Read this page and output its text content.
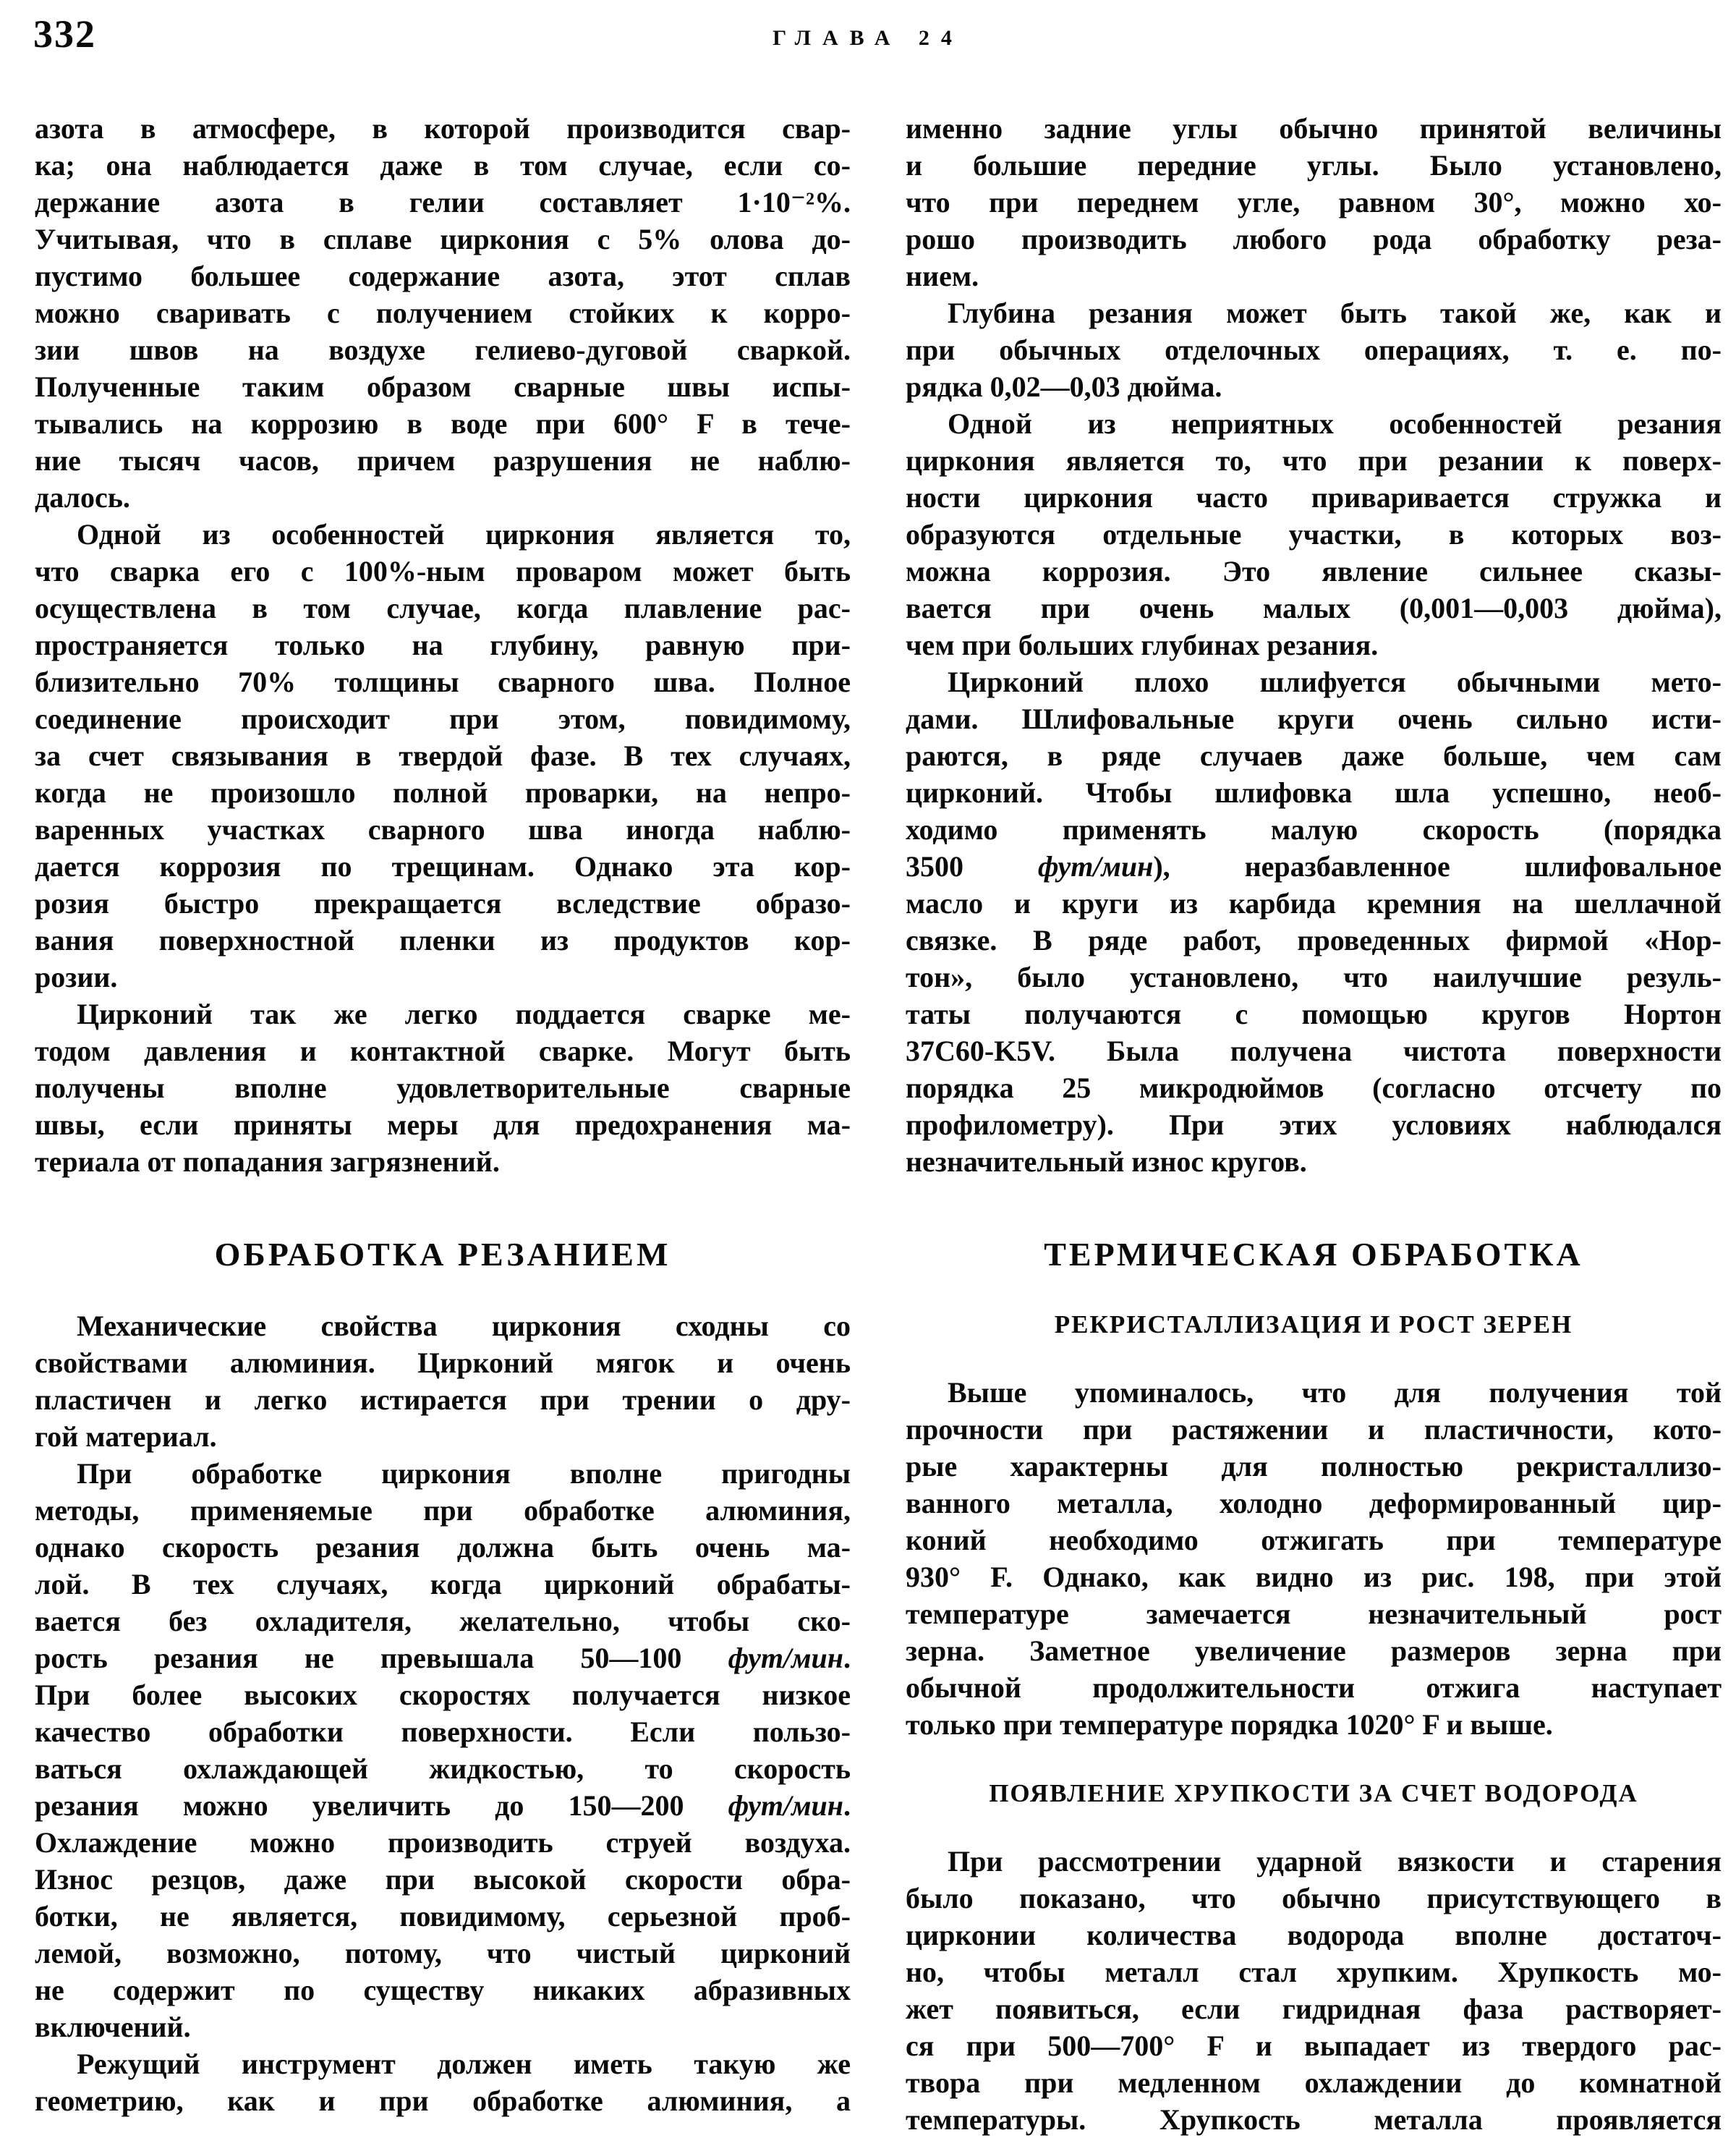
332	ГЛАВА 24

азота в атмосфере, в которой производится свар-
ка; она наблюдается даже в том случае, если со-
держание азота в гелии составляет 1·10⁻²%.
Учитывая, что в сплаве циркония с 5% олова до-
пустимо большее содержание азота, этот сплав
можно сваривать с получением стойких к корро-
зии швов на воздухе гелиево-дуговой сваркой.
Полученные таким образом сварные швы испы-
тывались на коррозию в воде при 600° F в тече-
ние тысяч часов, причем разрушения не наблю-
далось.

Одной из особенностей циркония является то,
что сварка его с 100%-ным проваром может быть
осуществлена в том случае, когда плавление рас-
пространяется только на глубину, равную при-
близительно 70% толщины сварного шва. Полное
соединение происходит при этом, повидимому,
за счет связывания в твердой фазе. В тех случаях,
когда не произошло полной проварки, на непро-
варенных участках сварного шва иногда наблю-
дается коррозия по трещинам. Однако эта кор-
розия быстро прекращается вследствие образо-
вания поверхностной пленки из продуктов кор-
розии.

Цирконий так же легко поддается сварке ме-
тодом давления и контактной сварке. Могут быть
получены вполне удовлетворительные сварные
швы, если приняты меры для предохранения ма-
териала от попадания загрязнений.

ОБРАБОТКА РЕЗАНИЕМ

Механические свойства циркония сходны со
свойствами алюминия. Цирконий мягок и очень
пластичен и легко истирается при трении о дру-
гой материал.

При обработке циркония вполне пригодны
методы, применяемые при обработке алюминия,
однако скорость резания должна быть очень ма-
лой. В тех случаях, когда цирконий обрабаты-
вается без охладителя, желательно, чтобы ско-
рость резания не превышала 50—100 фут/мин.
При более высоких скоростях получается низкое
качество обработки поверхности. Если пользо-
ваться охлаждающей жидкостью, то скорость
резания можно увеличить до 150—200 фут/мин.
Охлаждение можно производить струей воздуха.
Износ резцов, даже при высокой скорости обра-
ботки, не является, повидимому, серьезной проб-
лемой, возможно, потому, что чистый цирконий
не содержит по существу никаких абразивных
включений.

Режущий инструмент должен иметь такую же
геометрию, как и при обработке алюминия, а

именно задние углы обычно принятой величины
и большие передние углы. Было установлено,
что при переднем угле, равном 30°, можно хо-
рошо производить любого рода обработку реза-
нием.

Глубина резания может быть такой же, как и
при обычных отделочных операциях, т. е. по-
рядка 0,02—0,03 дюйма.

Одной из неприятных особенностей резания
циркония является то, что при резании к поверх-
ности циркония часто приваривается стружка и
образуются отдельные участки, в которых воз-
можна коррозия. Это явление сильнее сказы-
вается при очень малых (0,001—0,003 дюйма),
чем при больших глубинах резания.

Цирконий плохо шлифуется обычными мето-
дами. Шлифовальные круги очень сильно исти-
раются, в ряде случаев даже больше, чем сам
цирконий. Чтобы шлифовка шла успешно, необ-
ходимо применять малую скорость (порядка
3500 фут/мин), неразбавленное шлифовальное
масло и круги из карбида кремния на шеллачной
связке. В ряде работ, проведенных фирмой «Нор-
тон», было установлено, что наилучшие резуль-
таты получаются с помощью кругов Нортон
37C60-K5V. Была получена чистота поверхности
порядка 25 микродюймов (согласно отсчету по
профилометру). При этих условиях наблюдался
незначительный износ кругов.

ТЕРМИЧЕСКАЯ ОБРАБОТКА
РЕКРИСТАЛЛИЗАЦИЯ И РОСТ ЗЕРЕН

Выше упоминалось, что для получения той
прочности при растяжении и пластичности, кото-
рые характерны для полностью рекристаллизо-
ванного металла, холодно деформированный цир-
коний необходимо отжигать при температуре
930° F. Однако, как видно из рис. 198, при этой
температуре замечается незначительный рост
зерна. Заметное увеличение размеров зерна при
обычной продолжительности отжига наступает
только при температуре порядка 1020° F и выше.

ПОЯВЛЕНИЕ ХРУПКОСТИ ЗА СЧЕТ ВОДОРОДА

При рассмотрении ударной вязкости и старения
было показано, что обычно присутствующего в
цирконии количества водорода вполне достаточ-
но, чтобы металл стал хрупким. Хрупкость мо-
жет появиться, если гидридная фаза растворяет-
ся при 500—700° F и выпадает из твердого рас-
твора при медленном охлаждении до комнатной
температуры. Хрупкость металла проявляется
